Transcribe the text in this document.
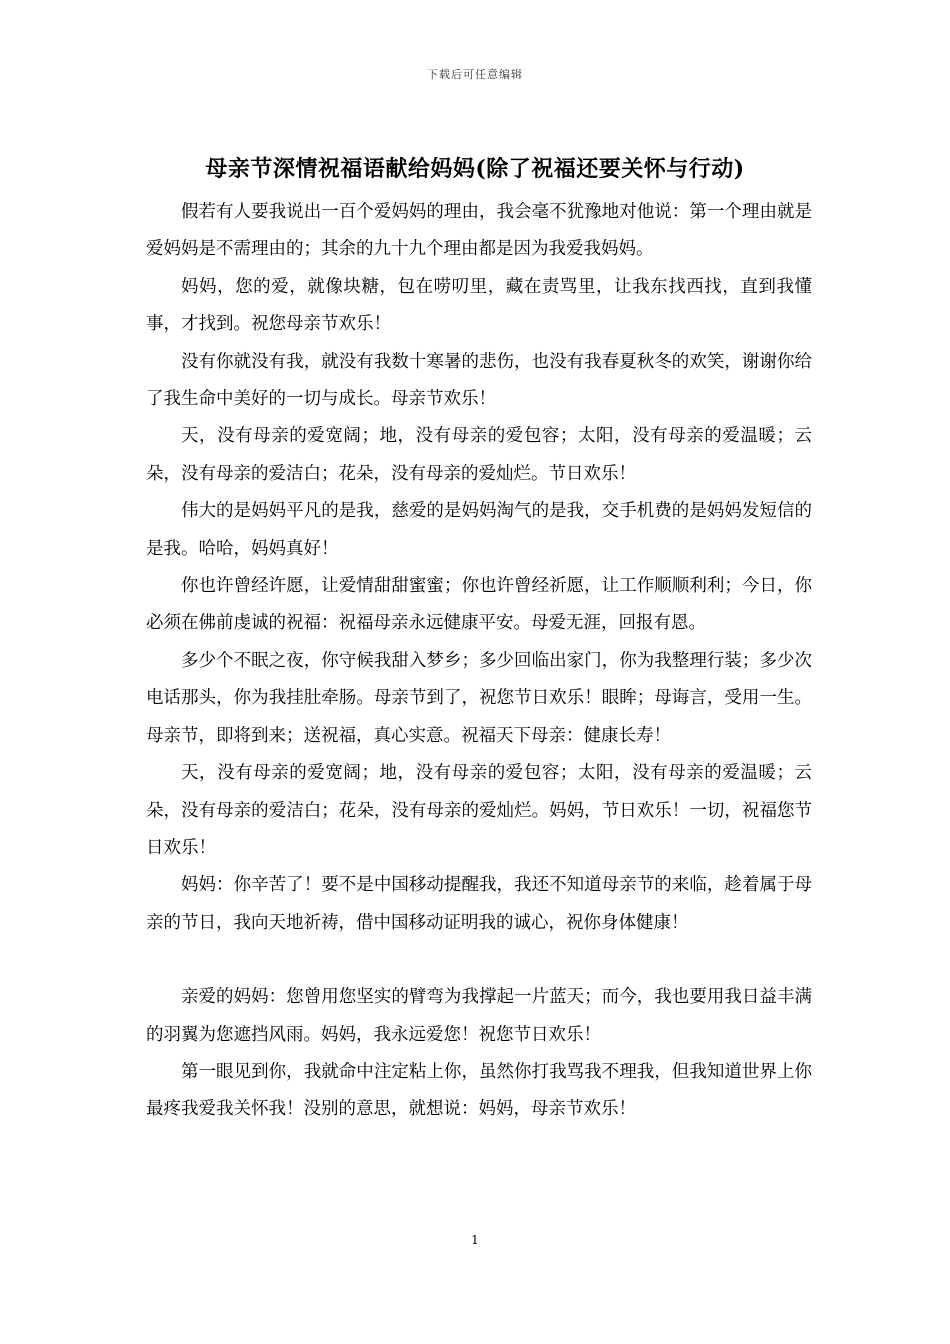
下载后可任意编辑
母亲节深情祝福语献给妈妈(除了祝福还要关怀与行动)

假若有人要我说出一百个爱妈妈的理由，我会毫不犹豫地对他说：第一个理由就是爱妈妈是不需理由的；其余的九十九个理由都是因为我爱我妈妈。

妈妈，您的爱，就像块糖，包在唠叨里，藏在责骂里，让我东找西找，直到我懂事，才找到。祝您母亲节欢乐！

没有你就没有我，就没有我数十寒暑的悲伤，也没有我春夏秋冬的欢笑，谢谢你给了我生命中美好的一切与成长。母亲节欢乐！

天，没有母亲的爱宽阔；地，没有母亲的爱包容；太阳，没有母亲的爱温暖；云朵，没有母亲的爱洁白；花朵，没有母亲的爱灿烂。节日欢乐！

伟大的是妈妈平凡的是我，慈爱的是妈妈淘气的是我，交手机费的是妈妈发短信的是我。哈哈，妈妈真好！

你也许曾经许愿，让爱情甜甜蜜蜜；你也许曾经祈愿，让工作顺顺利利；今日，你必须在佛前虔诚的祝福：祝福母亲永远健康平安。母爱无涯，回报有恩。

多少个不眠之夜，你守候我甜入梦乡；多少回临出家门，你为我整理行装；多少次电话那头，你为我挂肚牵肠。母亲节到了，祝您节日欢乐！眼眸；母诲言，受用一生。母亲节，即将到来；送祝福，真心实意。祝福天下母亲：健康长寿！

天，没有母亲的爱宽阔；地，没有母亲的爱包容；太阳，没有母亲的爱温暖；云朵，没有母亲的爱洁白；花朵，没有母亲的爱灿烂。妈妈，节日欢乐！一切，祝福您节日欢乐！

妈妈：你辛苦了！要不是中国移动提醒我，我还不知道母亲节的来临，趁着属于母亲的节日，我向天地祈祷，借中国移动证明我的诚心，祝你身体健康！

亲爱的妈妈：您曾用您坚实的臂弯为我撑起一片蓝天；而今，我也要用我日益丰满的羽翼为您遮挡风雨。妈妈，我永远爱您！祝您节日欢乐！

第一眼见到你，我就命中注定粘上你，虽然你打我骂我不理我，但我知道世界上你最疼我爱我关怀我！没别的意思，就想说：妈妈，母亲节欢乐！

1
